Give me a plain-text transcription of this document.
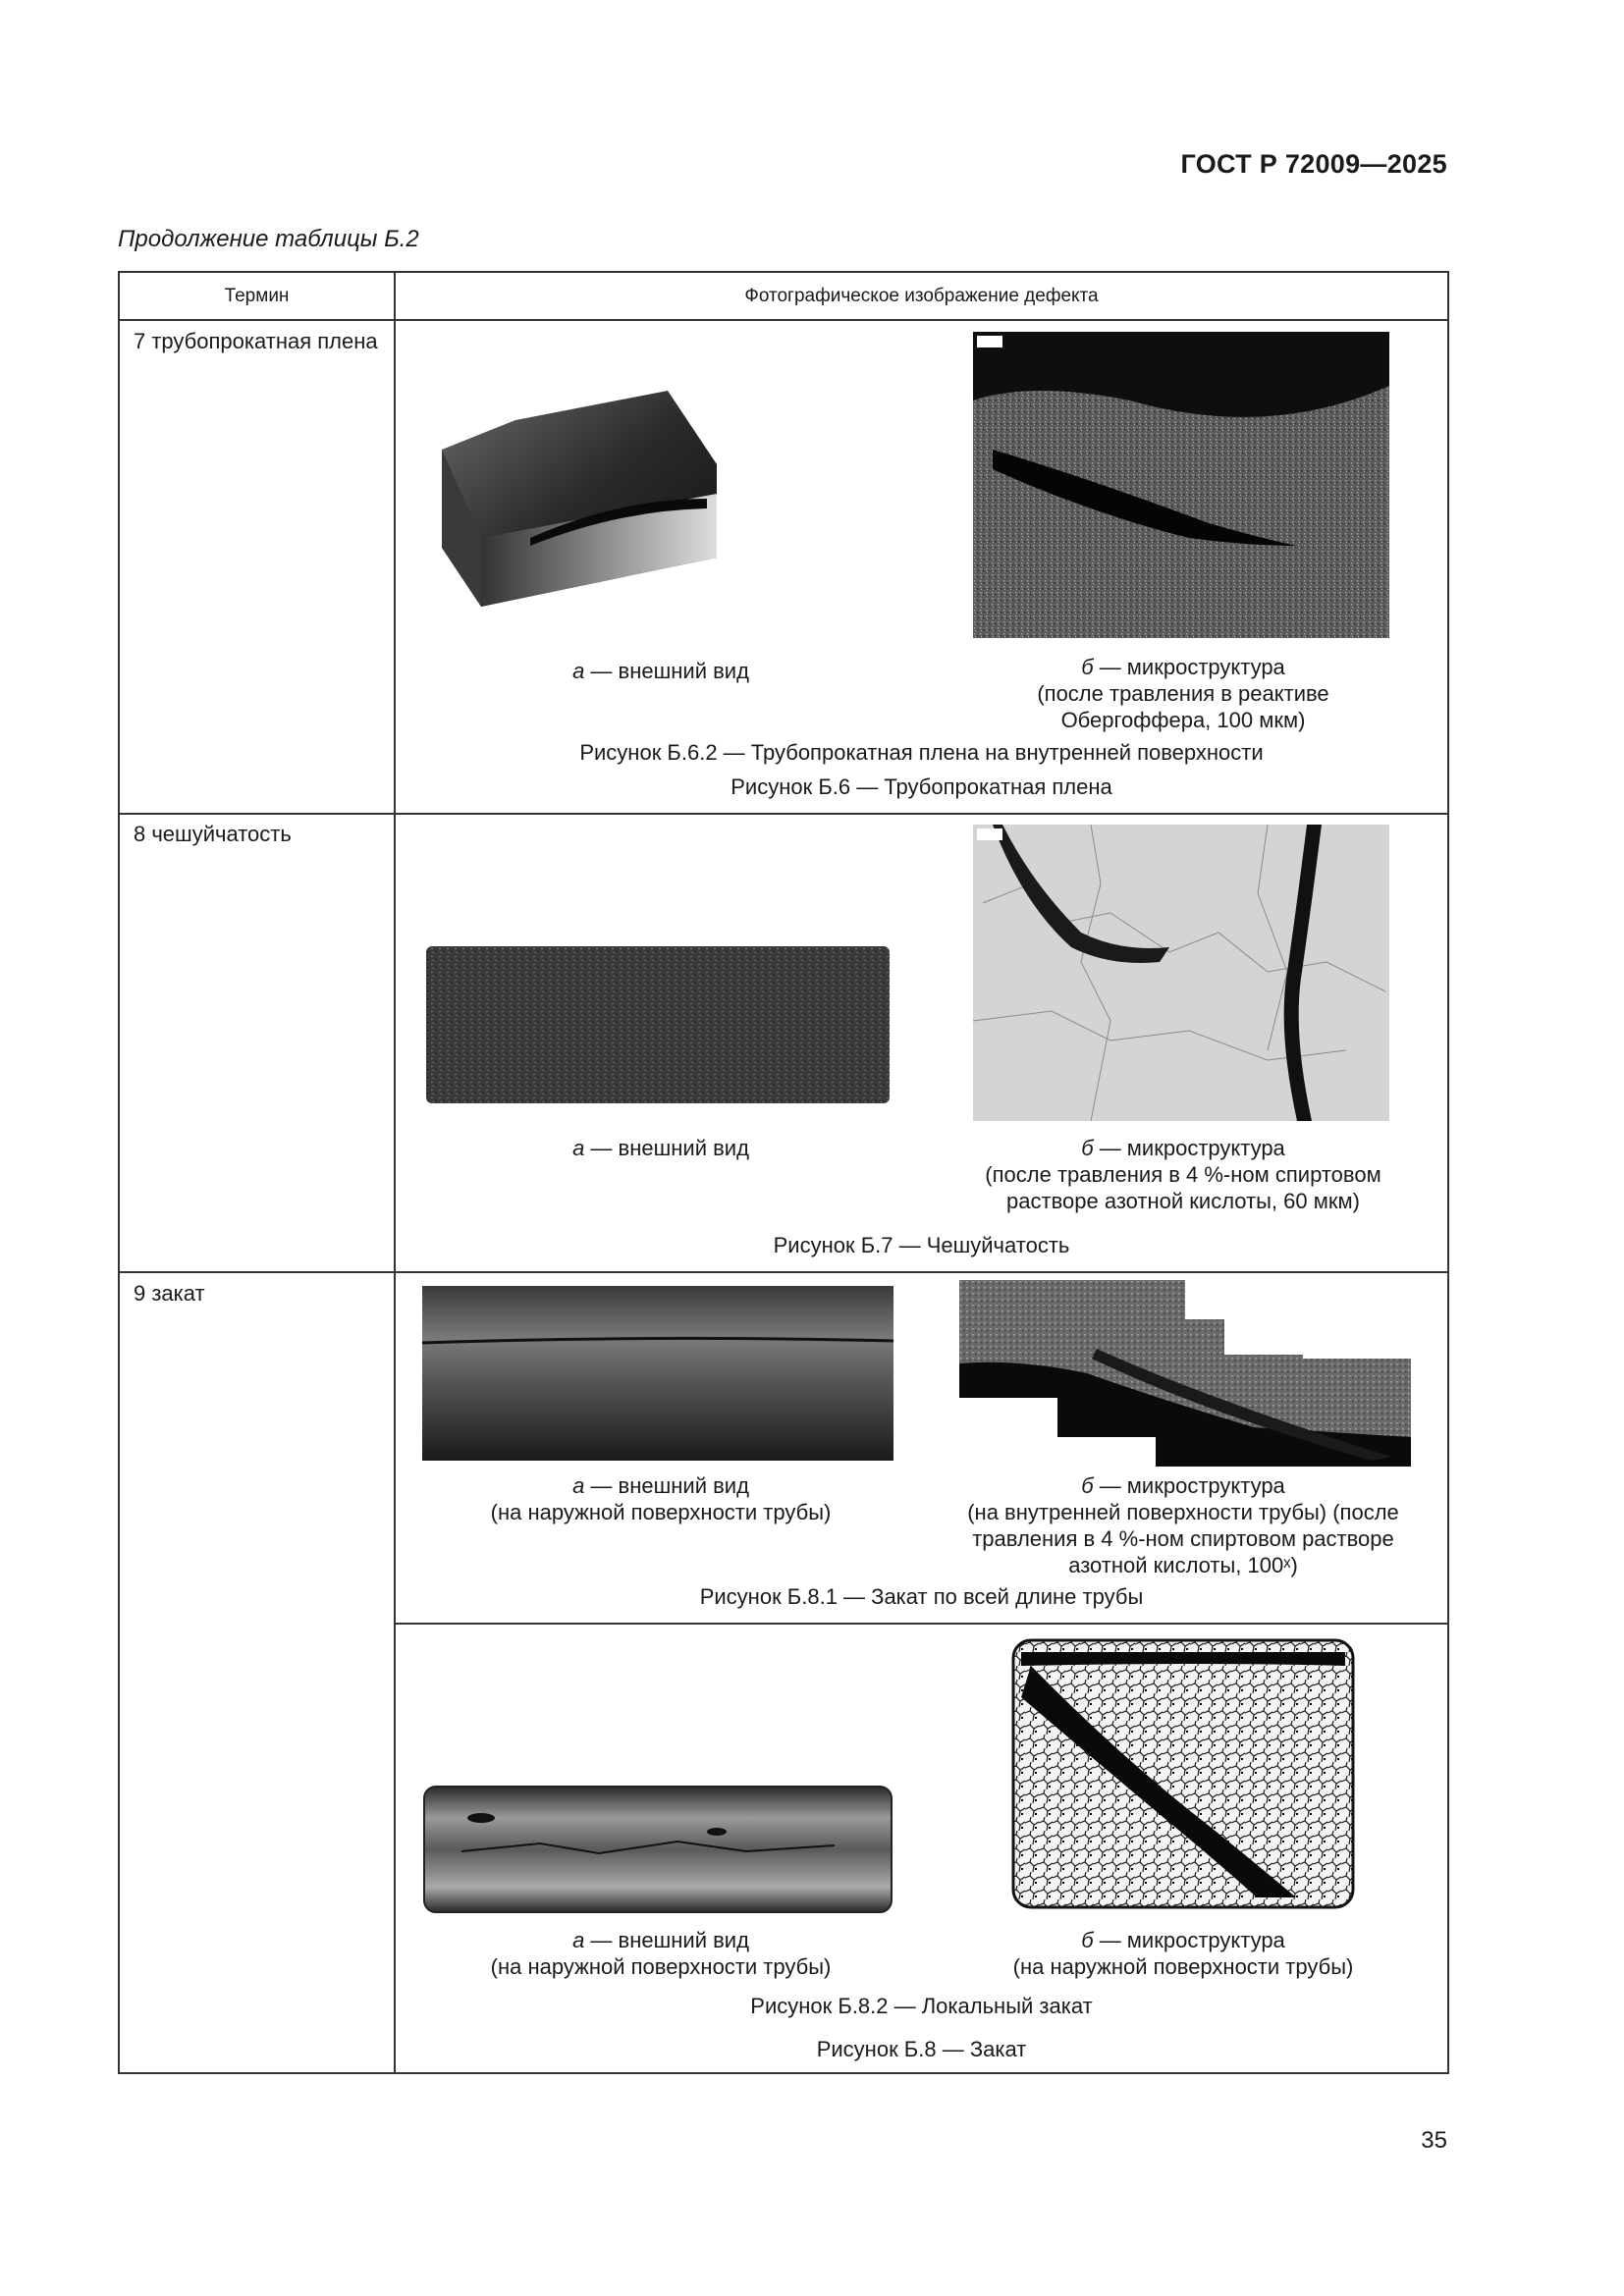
ГОСТ Р 72009—2025
Продолжение таблицы Б.2
Термин	Фотографическое изображение дефекта
7 трубопрокатная плена
а — внешний вид	б — микроструктура
(после травления в реактиве
Обергоффера, 100 мкм)
Рисунок Б.6.2 — Трубопрокатная плена на внутренней поверхности
Рисунок Б.6 — Трубопрокатная плена
8 чешуйчатость
а — внешний вид	б — микроструктура
(после травления в 4 %-ном спиртовом
растворе азотной кислоты, 60 мкм)
Рисунок Б.7 — Чешуйчатость
9 закат
а — внешний вид
(на наружной поверхности трубы)
б — микроструктура
(на внутренней поверхности трубы) (после
травления в 4 %-ном спиртовом растворе
азотной кислоты, 100ˣ)
Рисунок Б.8.1 — Закат по всей длине трубы
а — внешний вид
(на наружной поверхности трубы)
б — микроструктура
(на наружной поверхности трубы)
Рисунок Б.8.2 — Локальный закат
Рисунок Б.8 — Закат
35
